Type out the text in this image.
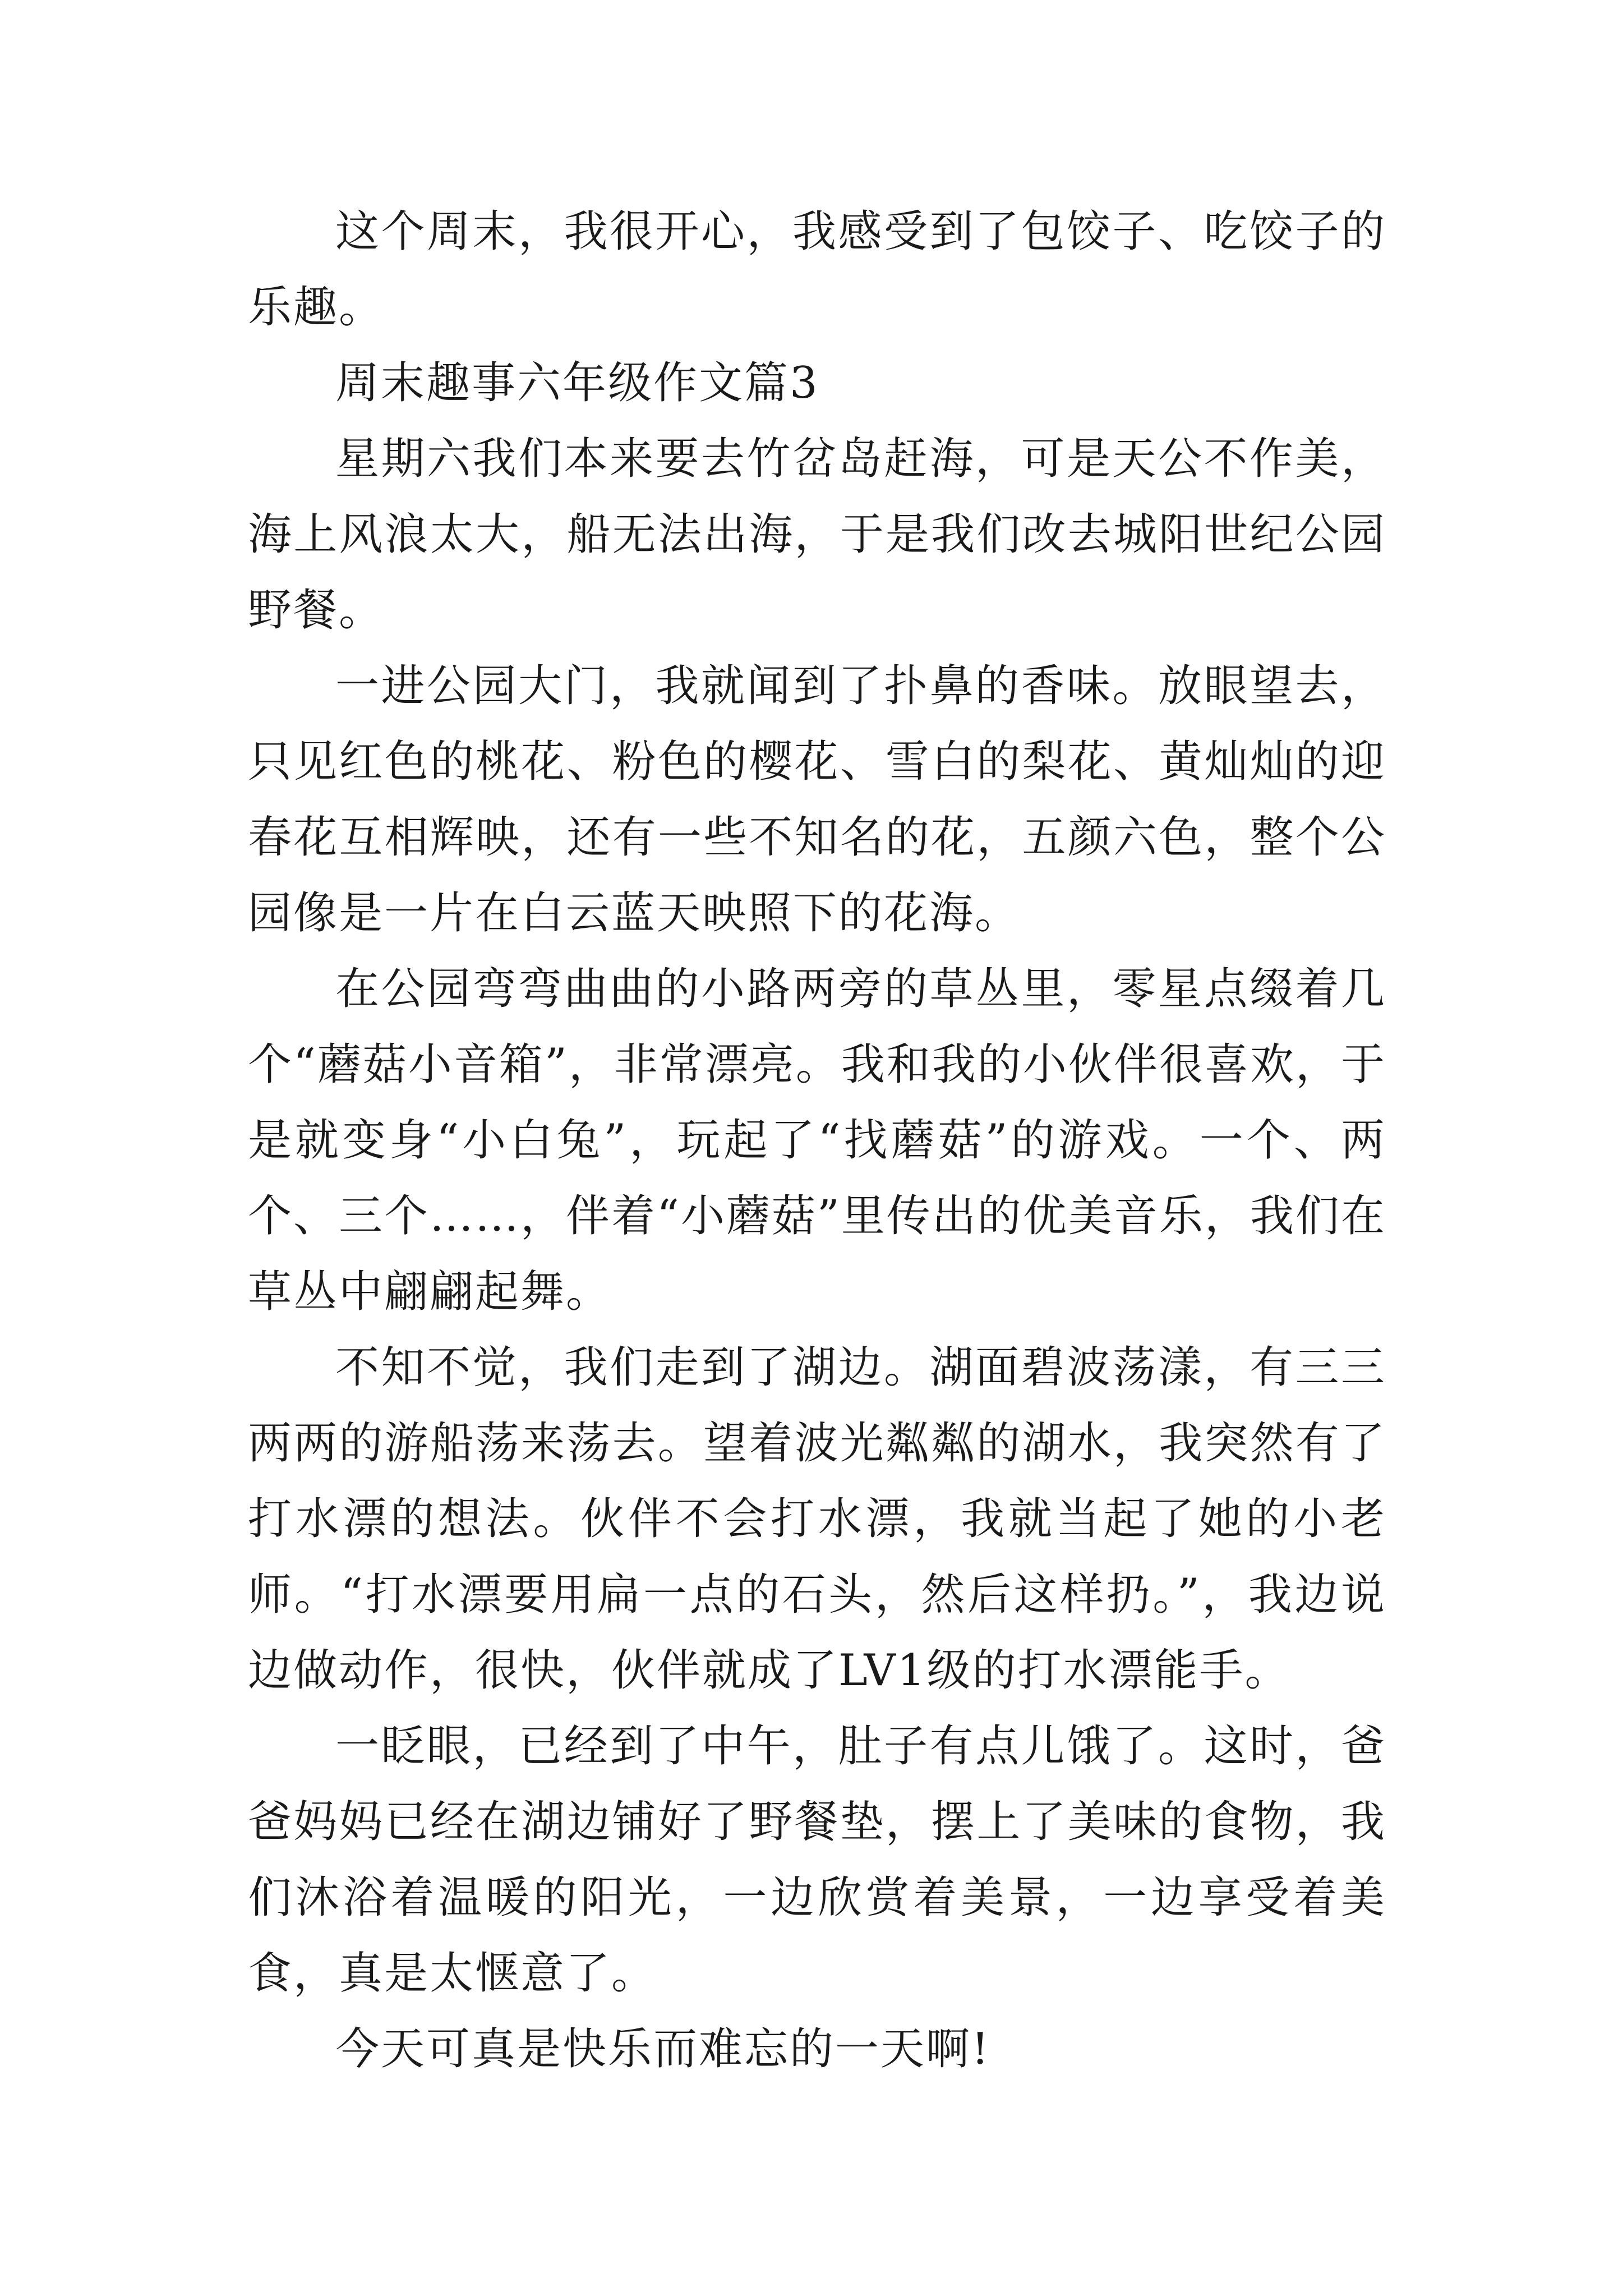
这个周末，我很开心，我感受到了包饺子、吃饺子的乐趣。

周末趣事六年级作文篇3

星期六我们本来要去竹岔岛赶海，可是天公不作美，海上风浪太大，船无法出海，于是我们改去城阳世纪公园野餐。

一进公园大门，我就闻到了扑鼻的香味。放眼望去，只见红色的桃花、粉色的樱花、雪白的梨花、黄灿灿的迎春花互相辉映，还有一些不知名的花，五颜六色，整个公园像是一片在白云蓝天映照下的花海。

在公园弯弯曲曲的小路两旁的草丛里，零星点缀着几个“蘑菇小音箱”，非常漂亮。我和我的小伙伴很喜欢，于是就变身“小白兔”，玩起了“找蘑菇”的游戏。一个、两个、三个……，伴着“小蘑菇”里传出的优美音乐，我们在草丛中翩翩起舞。

不知不觉，我们走到了湖边。湖面碧波荡漾，有三三两两的游船荡来荡去。望着波光粼粼的湖水，我突然有了打水漂的想法。伙伴不会打水漂，我就当起了她的小老师。“打水漂要用扁一点的石头，然后这样扔。”，我边说边做动作，很快，伙伴就成了LV1级的打水漂能手。

一眨眼，已经到了中午，肚子有点儿饿了。这时，爸爸妈妈已经在湖边铺好了野餐垫，摆上了美味的食物，我们沐浴着温暖的阳光，一边欣赏着美景，一边享受着美食，真是太惬意了。

今天可真是快乐而难忘的一天啊!
